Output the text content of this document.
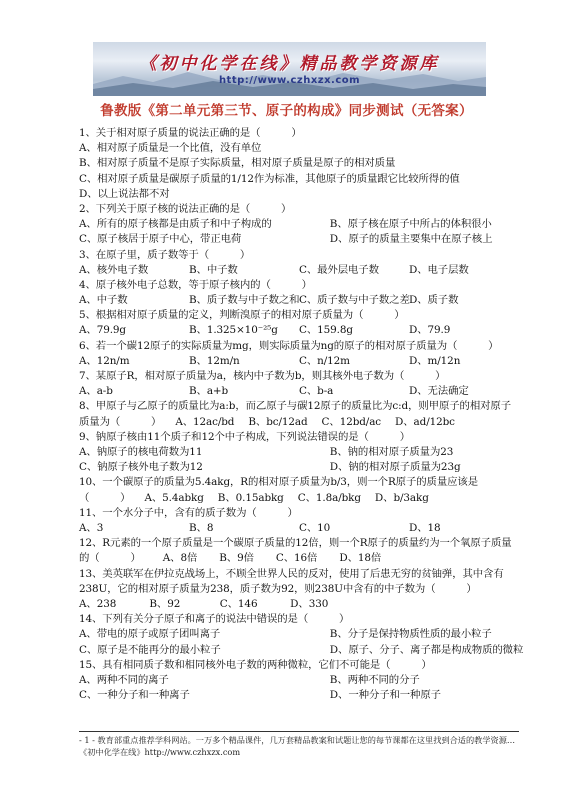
《初中化学在线》精品教学资源库
http://www.czhxzx.com
鲁教版《第二单元第三节、原子的构成》同步测试（无答案）
1、关于相对原子质量的说法正确的是（　　　）
A、相对原子质量是一个比值，没有单位
B、相对原子质量不是原子实际质量，相对原子质量是原子的相对质量
C、相对原子质量是碳原子质量的1/12作为标准，其他原子的质量跟它比较所得的值
D、以上说法都不对
2、下列关于原子核的说法正确的是（　　　）
A、所有的原子核都是由质子和中子构成的	B、原子核在原子中所占的体积很小
C、原子核居于原子中心，带正电荷	D、原子的质量主要集中在原子核上
3、在原子里，质子数等于（　　　）
A、核外电子数	B、中子数	C、最外层电子数	D、电子层数
4、原子核外电子总数，等于原子核内的（　　　）
A、中子数	B、质子数与中子数之和 C、质子数与中子数之差 D、质子数
5、根据相对原子质量的定义，判断溴原子的相对原子质量为（　　　）
A、79.9g	B、1.325×10⁻²⁵g	C、159.8g	D、79.9
6、若一个碳12原子的实际质量为mg，则实际质量为ng的原子的相对原子质量为（　　　）
A、12n/m	B、12m/n	C、n/12m	D、m/12n
7、某原子R，相对原子质量为a，核内中子数为b，则其核外电子数为（　　　）
A、a-b	B、a+b	C、b-a	D、无法确定
8、甲原子与乙原子的质量比为a:b，而乙原子与碳12原子的质量比为c:d，则甲原子的相对原子质量为（　　　） A、12ac/bd B、bc/12ad C、12bd/ac D、ad/12bc
9、钠原子核由11个质子和12个中子构成，下列说法错误的是（　　　）
A、钠原子的核电荷数为11	B、钠的相对原子质量为23
C、钠原子核外电子数为12	D、钠的相对原子质量为23g
10、一个碳原子的质量为5.4akg，R的相对原子质量为b/3，则一个R原子的质量应该是（　　　） A、5.4abkg B、0.15abkg C、1.8a/bkg D、b/3akg
11、一个水分子中，含有的质子数为（　　　）
A、3	B、8	C、10	D、18
12、R元素的一个原子质量是一个碳原子质量的12倍，则一个R原子的质量约为一个氧原子质量的（　　　） A、8倍 B、9倍 C、16倍 D、18倍
13、美英联军在伊拉克战场上，不顾全世界人民的反对，使用了后患无穷的贫铀弹，其中含有238U，它的相对原子质量为238，质子数为92，则238U中含有的中子数为（　　　）
A、238	B、92	C、146	D、330
14、下列有关分子原子和离子的说法中错误的是（　　　）
A、带电的原子或原子团叫离子	B、分子是保持物质性质的最小粒子
C、原子是不能再分的最小粒子	D、原子、分子、离子都是构成物质的微粒
15、具有相同质子数和相同核外电子数的两种微粒，它们不可能是（　　　）
A、两种不同的离子	B、两种不同的分子
C、一种分子和一种离子	D、一种分子和一种原子
- 1 - 教育部重点推荐学科网站。一万多个精品课件，几万套精品教案和试题让您的每节课都在这里找到合适的教学资源…《初中化学在线》http://www.czhxzx.com
